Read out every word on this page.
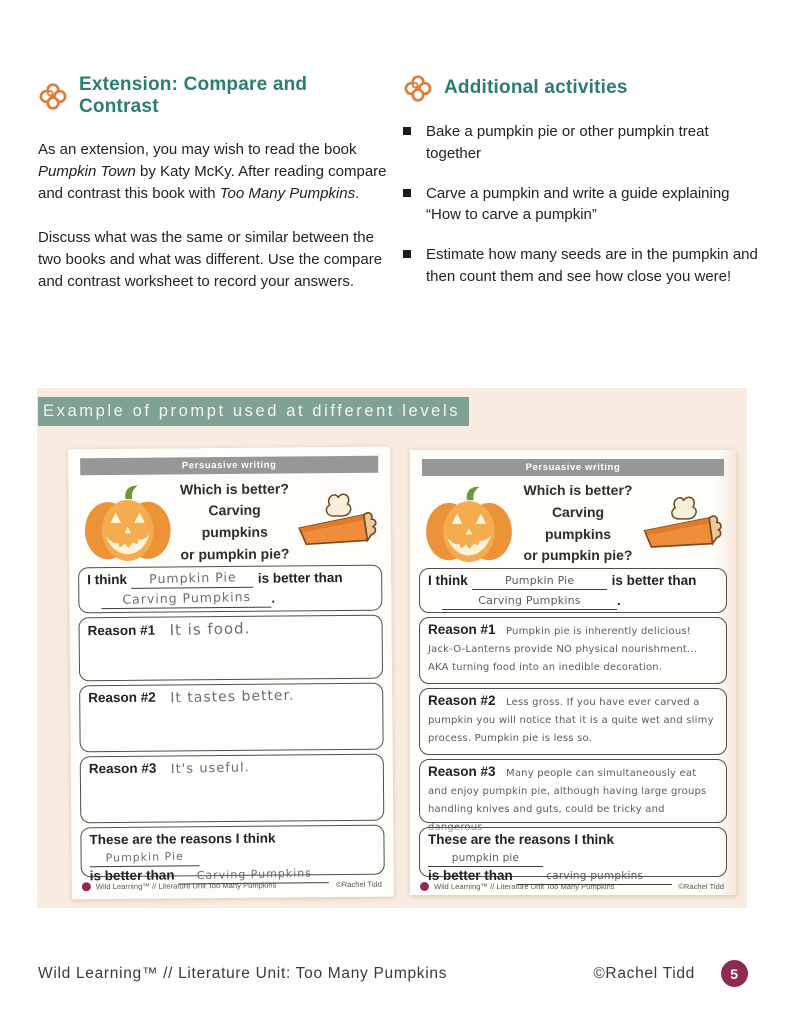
Extension: Compare and Contrast

As an extension, you may wish to read the book Pumpkin Town by Katy McKy. After reading compare and contrast this book with Too Many Pumpkins.

Discuss what was the same or similar between the two books and what was different. Use the compare and contrast worksheet to record your answers.

Additional activities
Bake a pumpkin pie or other pumpkin treat together
Carve a pumpkin and write a guide explaining “How to carve a pumpkin”
Estimate how many seeds are in the pumpkin and then count them and see how close you were!
Example of prompt used at different levels
Persuasive writing
Which is better?
Carving pumpkins
or pumpkin pie?
I think Pumpkin Pie is better than
Carving Pumpkins .
Reason #1 It is food.
Reason #2 It tastes better.
Reason #3 It's useful.
These are the reasons I think Pumpkin Pie
is better than Carving Pumpkins
Wild Learning™ // Literature Unit Too Many Pumpkins	©Rachel Tidd
Persuasive writing
Which is better?
Carving pumpkins
or pumpkin pie?
I think	Pumpkin Pie	is better than
Carving Pumpkins	.
Reason #1 Pumpkin pie is inherently delicious! Jack-O-Lanterns provide NO physical nourishment... AKA turning food into an inedible decoration.
Reason #2 Less gross. If you have ever carved a pumpkin you will notice that it is a quite wet and slimy process. Pumpkin pie is less so.
Reason #3 Many people can simultaneously eat and enjoy pumpkin pie, although having large groups handling knives and guts, could be tricky and dangerous
These are the reasons I think pumpkin pie
is better than	carving pumpkins
Wild Learning™ // Literature Unit Too Many Pumpkins	©Rachel Tidd
Wild Learning™ // Literature Unit: Too Many Pumpkins	©Rachel Tidd	5
